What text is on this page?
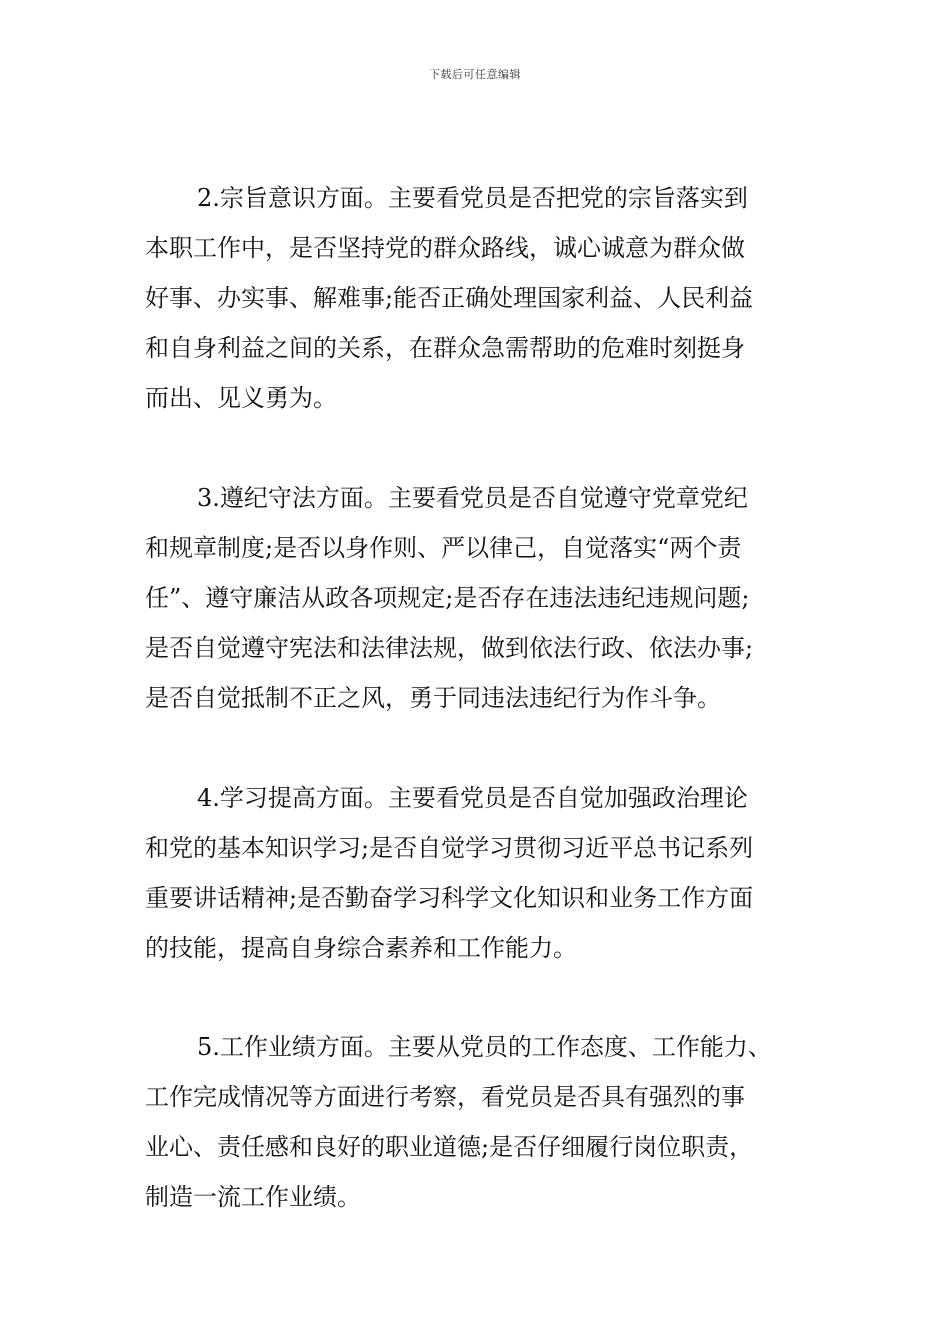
下载后可任意编辑
2.宗旨意识方面。主要看党员是否把党的宗旨落实到
本职工作中，是否坚持党的群众路线，诚心诚意为群众做
好事、办实事、解难事;能否正确处理国家利益、人民利益
和自身利益之间的关系，在群众急需帮助的危难时刻挺身
而出、见义勇为。
3.遵纪守法方面。主要看党员是否自觉遵守党章党纪
和规章制度;是否以身作则、严以律己，自觉落实“两个责
任”、遵守廉洁从政各项规定;是否存在违法违纪违规问题;
是否自觉遵守宪法和法律法规，做到依法行政、依法办事;
是否自觉抵制不正之风，勇于同违法违纪行为作斗争。
4.学习提高方面。主要看党员是否自觉加强政治理论
和党的基本知识学习;是否自觉学习贯彻习近平总书记系列
重要讲话精神;是否勤奋学习科学文化知识和业务工作方面
的技能，提高自身综合素养和工作能力。
5.工作业绩方面。主要从党员的工作态度、工作能力、
工作完成情况等方面进行考察，看党员是否具有强烈的事
业心、责任感和良好的职业道德;是否仔细履行岗位职责，
制造一流工作业绩。
